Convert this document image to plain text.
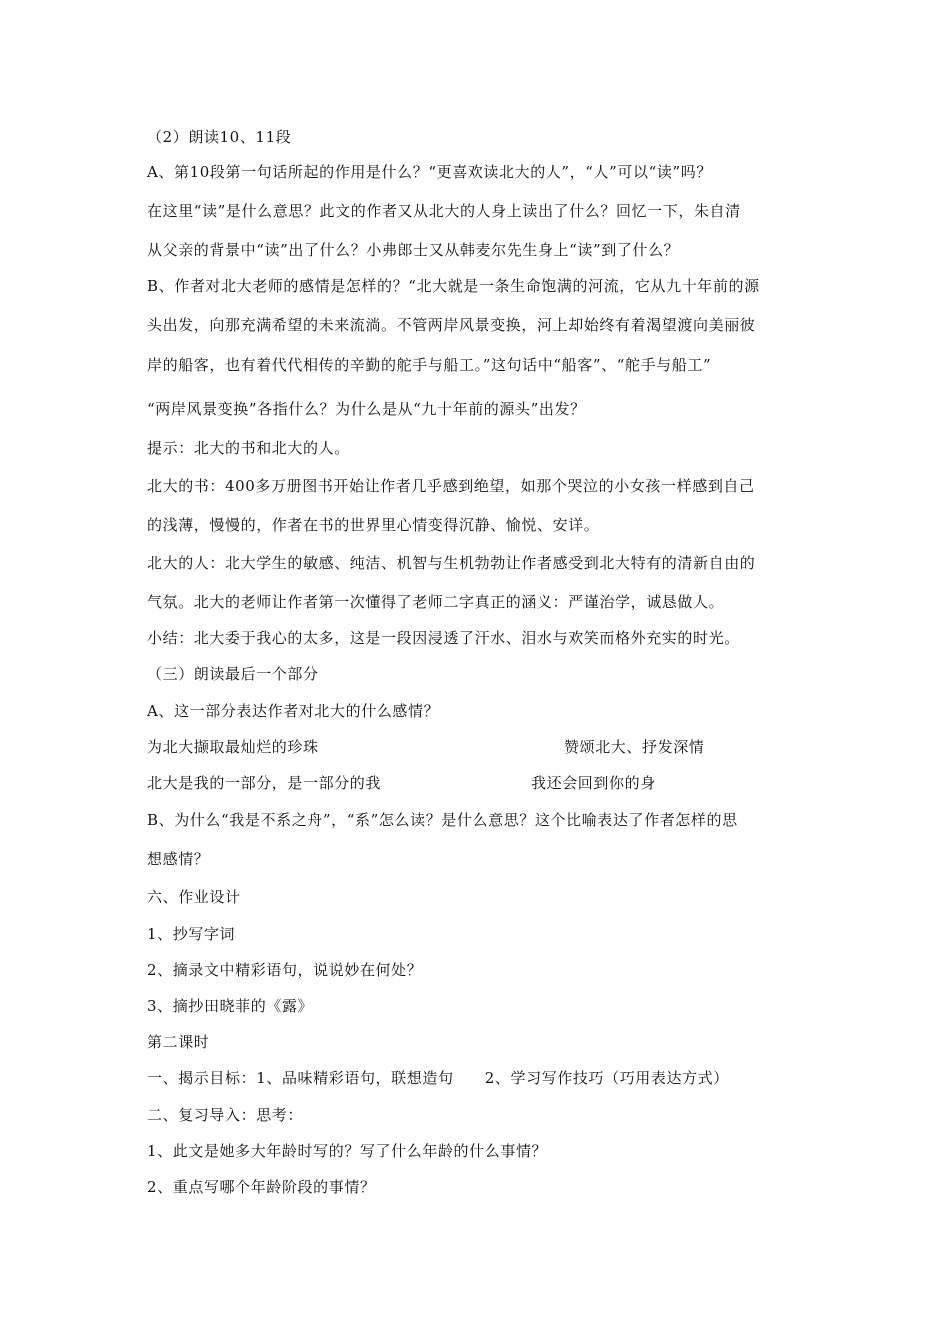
（2）朗读10、11段
A、第10段第一句话所起的作用是什么？“更喜欢读北大的人”，“人”可以“读”吗？
在这里“读”是什么意思？此文的作者又从北大的人身上读出了什么？回忆一下，朱自清
从父亲的背景中“读”出了什么？小弗郎士又从韩麦尔先生身上“读”到了什么？
B、作者对北大老师的感情是怎样的？“北大就是一条生命饱满的河流，它从九十年前的源
头出发，向那充满希望的未来流淌。不管两岸风景变换，河上却始终有着渴望渡向美丽彼
岸的船客，也有着代代相传的辛勤的舵手与船工。”这句话中“船客”、“舵手与船工”
“两岸风景变换”各指什么？为什么是从“九十年前的源头”出发？
提示：北大的书和北大的人。
北大的书：400多万册图书开始让作者几乎感到绝望，如那个哭泣的小女孩一样感到自己
的浅薄，慢慢的，作者在书的世界里心情变得沉静、愉悦、安详。
北大的人：北大学生的敏感、纯洁、机智与生机勃勃让作者感受到北大特有的清新自由的
气氛。北大的老师让作者第一次懂得了老师二字真正的涵义：严谨治学，诚恳做人。
小结：北大委于我心的太多，这是一段因浸透了汗水、泪水与欢笑而格外充实的时光。
（三）朗读最后一个部分
A、这一部分表达作者对北大的什么感情？
为北大撷取最灿烂的珍珠	赞颂北大、抒发深情
北大是我的一部分，是一部分的我	我还会回到你的身
B、为什么“我是不系之舟”，“系”怎么读？是什么意思？这个比喻表达了作者怎样的思
想感情？
六、作业设计
1、抄写字词
2、摘录文中精彩语句，说说妙在何处？
3、摘抄田晓菲的《露》
第二课时
一、揭示目标：1、品味精彩语句，联想造句　　2、学习写作技巧（巧用表达方式）
二、复习导入：思考：
1、此文是她多大年龄时写的？写了什么年龄的什么事情？
2、重点写哪个年龄阶段的事情？
